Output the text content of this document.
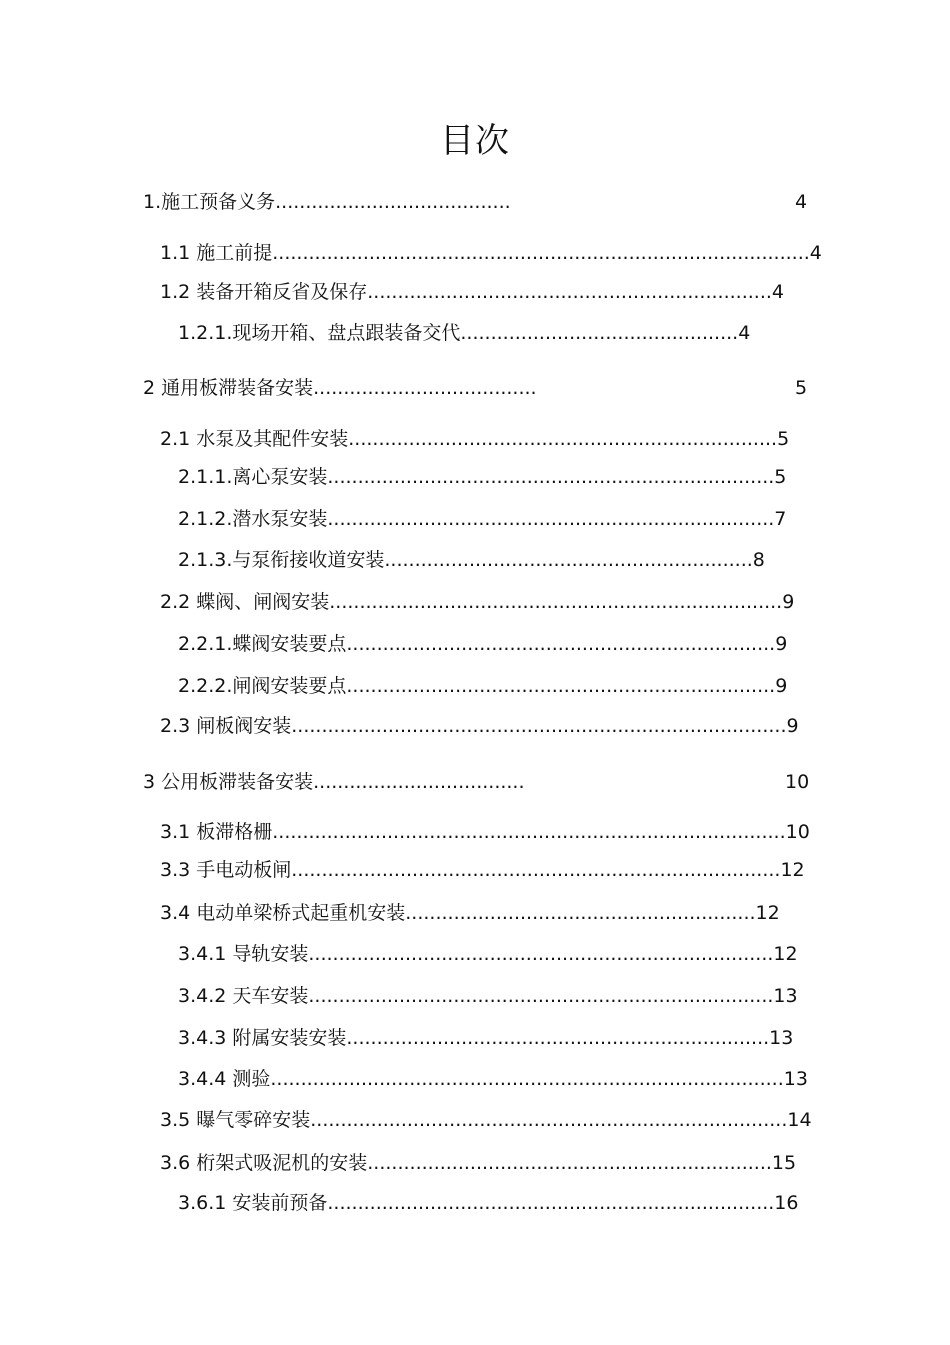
目次
1.施工预备义务.......................................	4
1.1 施工前提.........................................................................................4
1.2 装备开箱反省及保存...................................................................4
1.2.1.现场开箱、盘点跟装备交代..............................................4
2 通用板滞装备安装.....................................	5
2.1 水泵及其配件安装.......................................................................5
2.1.1.离心泵安装..........................................................................5
2.1.2.潜水泵安装..........................................................................7
2.1.3.与泵衔接收道安装.............................................................8
2.2 蝶阀、闸阀安装...........................................................................9
2.2.1.蝶阀安装要点.......................................................................9
2.2.2.闸阀安装要点.......................................................................9
2.3 闸板阀安装..................................................................................9
3 公用板滞装备安装...................................	10
3.1 板滞格栅.....................................................................................10
3.3 手电动板闸.................................................................................12
3.4 电动单梁桥式起重机安装..........................................................12
3.4.1 导轨安装.............................................................................12
3.4.2 天车安装.............................................................................13
3.4.3 附属安装安装......................................................................13
3.4.4 测验.....................................................................................13
3.5 曝气零碎安装...............................................................................14
3.6 桁架式吸泥机的安装...................................................................15
3.6.1 安装前预备..........................................................................16
